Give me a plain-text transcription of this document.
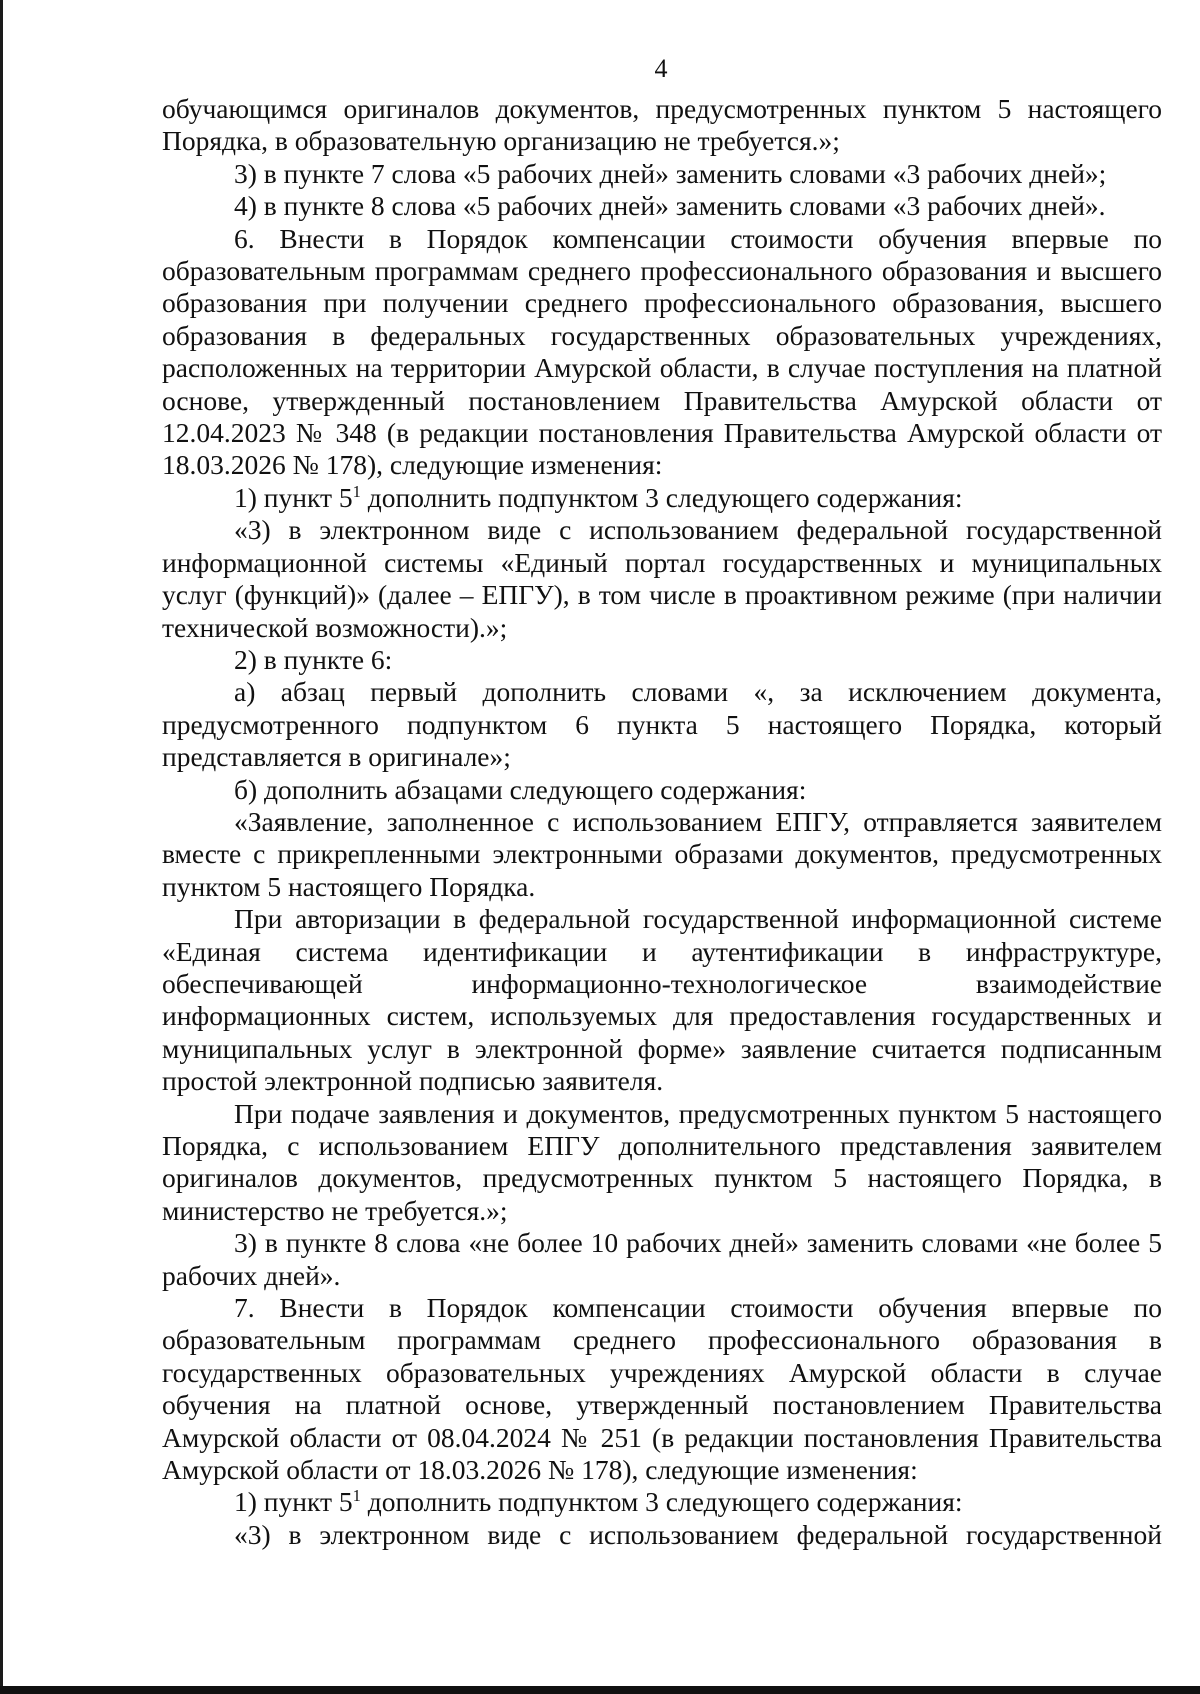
4

обучающимся оригиналов документов, предусмотренных пунктом 5 настоящего Порядка, в образовательную организацию не требуется.»;

3) в пункте 7 слова «5 рабочих дней» заменить словами «3 рабочих дней»;

4) в пункте 8 слова «5 рабочих дней» заменить словами «3 рабочих дней».

6. Внести в Порядок компенсации стоимости обучения впервые по образовательным программам среднего профессионального образования и высшего образования при получении среднего профессионального образования, высшего образования в федеральных государственных образовательных учреждениях, расположенных на территории Амурской области, в случае поступления на платной основе, утвержденный постановлением Правительства Амурской области от 12.04.2023 № 348 (в редакции постановления Правительства Амурской области от 18.03.2026 № 178), следующие изменения:

1) пункт $5^1$ дополнить подпунктом 3 следующего содержания:

«3) в электронном виде с использованием федеральной государственной информационной системы «Единый портал государственных и муниципальных услуг (функций)» (далее – ЕПГУ), в том числе в проактивном режиме (при наличии технической возможности).»;

2) в пункте 6:

а) абзац первый дополнить словами «, за исключением документа, предусмотренного подпунктом 6 пункта 5 настоящего Порядка, который представляется в оригинале»;

б) дополнить абзацами следующего содержания:

«Заявление, заполненное с использованием ЕПГУ, отправляется заявителем вместе с прикрепленными электронными образами документов, предусмотренных пунктом 5 настоящего Порядка.

При авторизации в федеральной государственной информационной системе «Единая система идентификации и аутентификации в инфраструктуре, обеспечивающей информационно-технологическое взаимодействие информационных систем, используемых для предоставления государственных и муниципальных услуг в электронной форме» заявление считается подписанным простой электронной подписью заявителя.

При подаче заявления и документов, предусмотренных пунктом 5 настоящего Порядка, с использованием ЕПГУ дополнительного представления заявителем оригиналов документов, предусмотренных пунктом 5 настоящего Порядка, в министерство не требуется.»;

3) в пункте 8 слова «не более 10 рабочих дней» заменить словами «не более 5 рабочих дней».

7. Внести в Порядок компенсации стоимости обучения впервые по образовательным программам среднего профессионального образования в государственных образовательных учреждениях Амурской области в случае обучения на платной основе, утвержденный постановлением Правительства Амурской области от 08.04.2024 № 251 (в редакции постановления Правительства Амурской области от 18.03.2026 № 178), следующие изменения:

1) пункт $5^1$ дополнить подпунктом 3 следующего содержания:

«3) в электронном виде с использованием федеральной государственной
